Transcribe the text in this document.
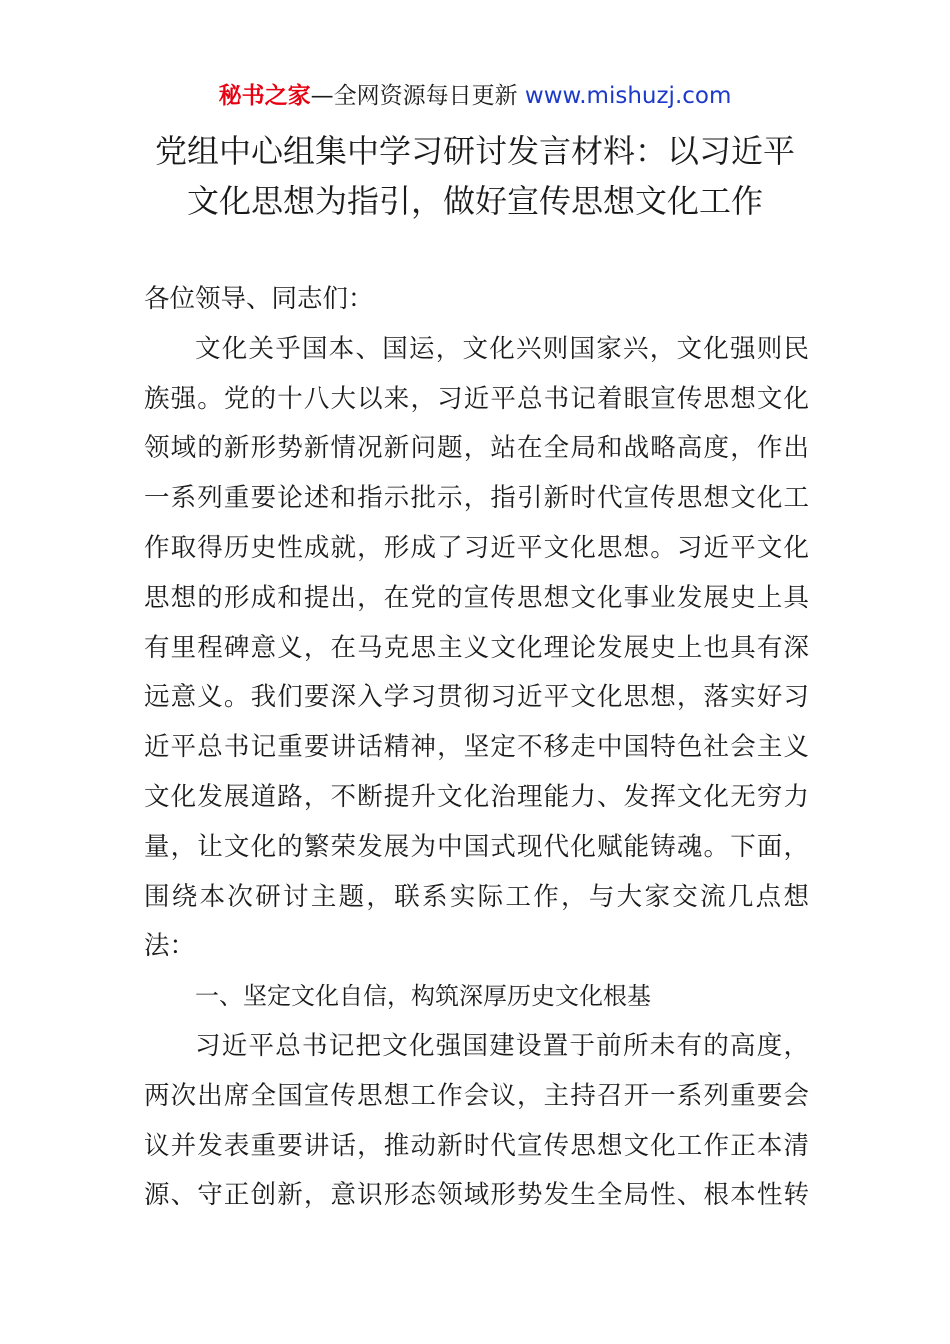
秘书之家—全网资源每日更新 www.mishuzj.com
党组中心组集中学习研讨发言材料：以习近平
文化思想为指引，做好宣传思想文化工作
各位领导、同志们：
文化关乎国本、国运，文化兴则国家兴，文化强则民
族强。党的十八大以来，习近平总书记着眼宣传思想文化
领域的新形势新情况新问题，站在全局和战略高度，作出
一系列重要论述和指示批示，指引新时代宣传思想文化工
作取得历史性成就，形成了习近平文化思想。习近平文化
思想的形成和提出，在党的宣传思想文化事业发展史上具
有里程碑意义，在马克思主义文化理论发展史上也具有深
远意义。我们要深入学习贯彻习近平文化思想，落实好习
近平总书记重要讲话精神，坚定不移走中国特色社会主义
文化发展道路，不断提升文化治理能力、发挥文化无穷力
量，让文化的繁荣发展为中国式现代化赋能铸魂。下面，
围绕本次研讨主题，联系实际工作，与大家交流几点想
法：
一、坚定文化自信，构筑深厚历史文化根基
习近平总书记把文化强国建设置于前所未有的高度，
两次出席全国宣传思想工作会议，主持召开一系列重要会
议并发表重要讲话，推动新时代宣传思想文化工作正本清
源、守正创新，意识形态领域形势发生全局性、根本性转
